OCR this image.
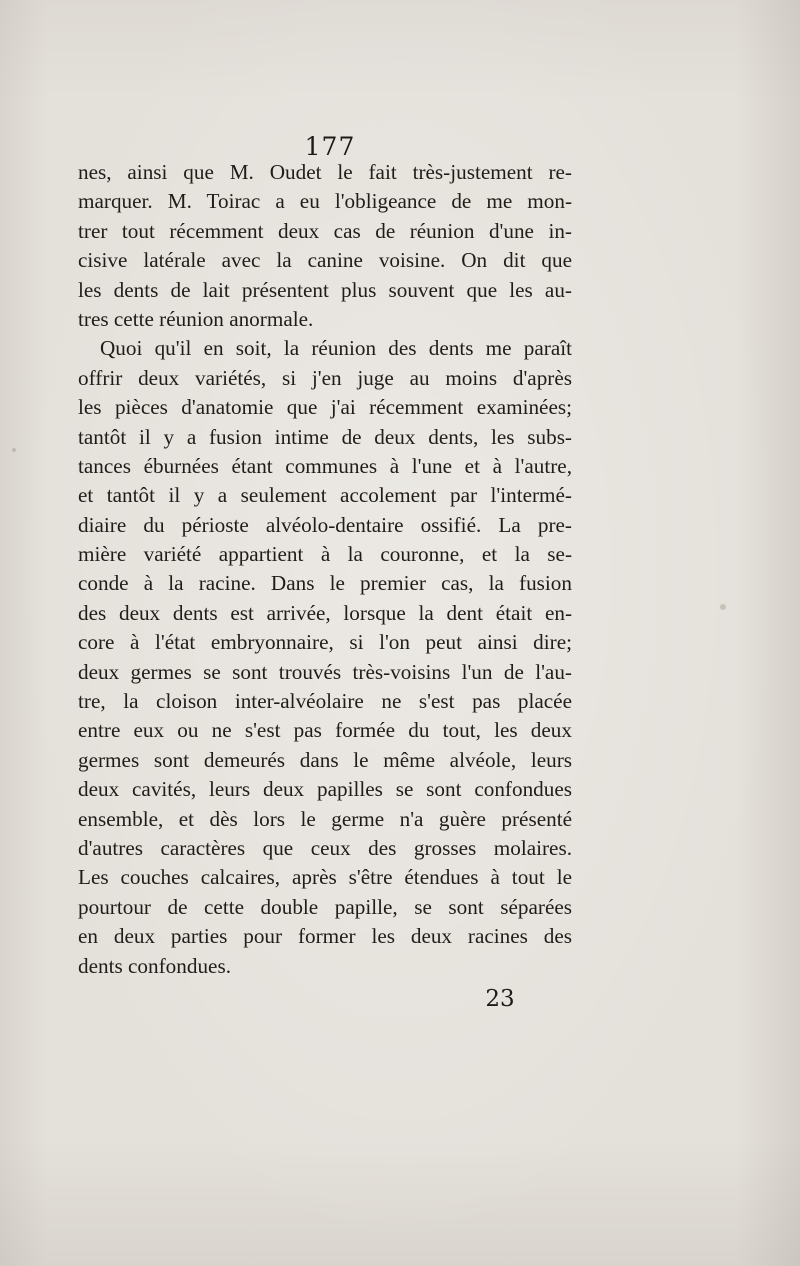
177

nes, ainsi que M. Oudet le fait très-justement re-
marquer. M. Toirac a eu l'obligeance de me mon-
trer tout récemment deux cas de réunion d'une in-
cisive latérale avec la canine voisine. On dit que
les dents de lait présentent plus souvent que les au-
tres cette réunion anormale.

Quoi qu'il en soit, la réunion des dents me paraît
offrir deux variétés, si j'en juge au moins d'après
les pièces d'anatomie que j'ai récemment examinées;
tantôt il y a fusion intime de deux dents, les subs-
tances éburnées étant communes à l'une et à l'autre,
et tantôt il y a seulement accolement par l'intermé-
diaire du périoste alvéolo-dentaire ossifié. La pre-
mière variété appartient à la couronne, et la se-
conde à la racine. Dans le premier cas, la fusion
des deux dents est arrivée, lorsque la dent était en-
core à l'état embryonnaire, si l'on peut ainsi dire;
deux germes se sont trouvés très-voisins l'un de l'au-
tre, la cloison inter-alvéolaire ne s'est pas placée
entre eux ou ne s'est pas formée du tout, les deux
germes sont demeurés dans le même alvéole, leurs
deux cavités, leurs deux papilles se sont confondues
ensemble, et dès lors le germe n'a guère présenté
d'autres caractères que ceux des grosses molaires.
Les couches calcaires, après s'être étendues à tout le
pourtour de cette double papille, se sont séparées
en deux parties pour former les deux racines des
dents confondues.

23
